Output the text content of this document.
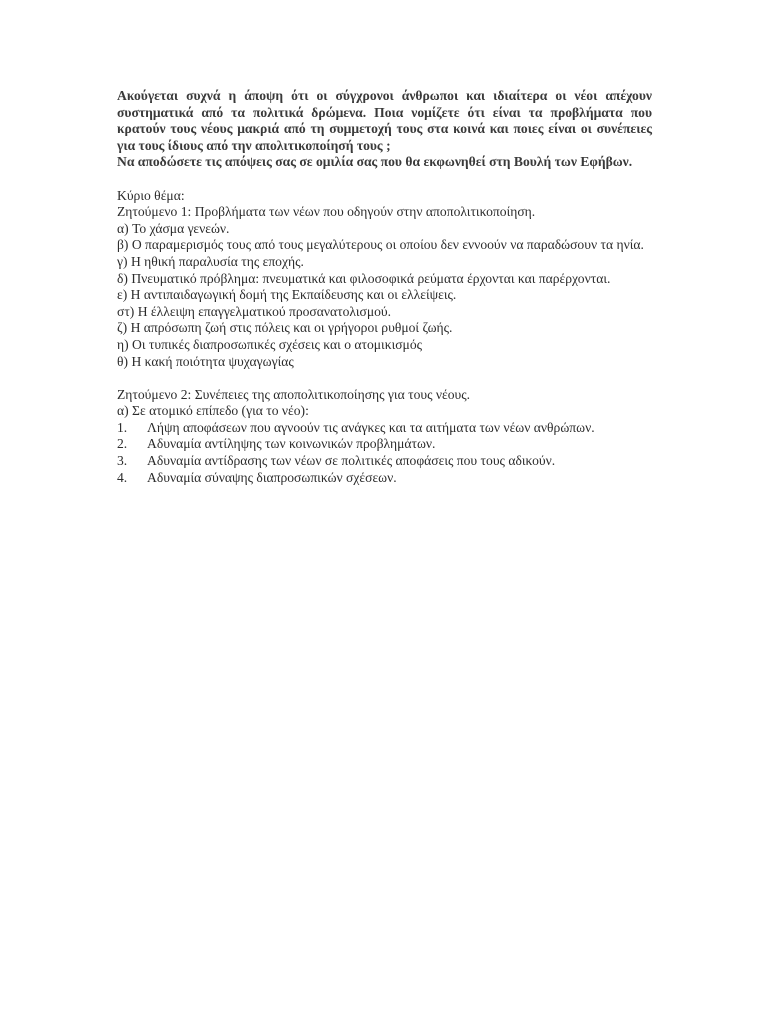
Ακούγεται συχνά η άποψη ότι οι σύγχρονοι άνθρωποι και ιδιαίτερα οι νέοι απέχουν συστηματικά από τα πολιτικά δρώμενα. Ποια νομίζετε ότι είναι τα προβλήματα που κρατούν τους νέους μακριά από τη συμμετοχή τους στα κοινά και ποιες είναι οι συνέπειες για τους ίδιους από την απολιτικοποίησή τους ;

Να αποδώσετε τις απόψεις σας σε ομιλία σας που θα εκφωνηθεί στη Βουλή των Εφήβων.

Κύριο θέμα:

Ζητούμενο 1: Προβλήματα των νέων που οδηγούν στην αποπολιτικοποίηση.

α) Το χάσμα γενεών.
β) Ο παραμερισμός τους από τους μεγαλύτερους οι οποίου δεν εννοούν να παραδώσουν τα ηνία.
γ) Η ηθική παραλυσία της εποχής.
δ) Πνευματικό πρόβλημα: πνευματικά και φιλοσοφικά ρεύματα έρχονται και παρέρχονται.
ε) Η αντιπαιδαγωγική δομή της Εκπαίδευσης και οι ελλείψεις.
στ) Η έλλειψη επαγγελματικού προσανατολισμού.
ζ) Η απρόσωπη ζωή στις πόλεις και οι γρήγοροι ρυθμοί ζωής.
η) Οι τυπικές διαπροσωπικές σχέσεις και ο ατομικισμός
θ) Η κακή ποιότητα ψυχαγωγίας

Ζητούμενο 2: Συνέπειες της αποπολιτικοποίησης για τους νέους.

α) Σε ατομικό επίπεδο (για το νέο):

1. Λήψη αποφάσεων που αγνοούν τις ανάγκες και τα αιτήματα των νέων ανθρώπων.
2.	Αδυναμία αντίληψης των κοινωνικών προβλημάτων.
3.	Αδυναμία αντίδρασης των νέων σε πολιτικές αποφάσεις που τους αδικούν.
4.	Αδυναμία σύναψης διαπροσωπικών σχέσεων.
